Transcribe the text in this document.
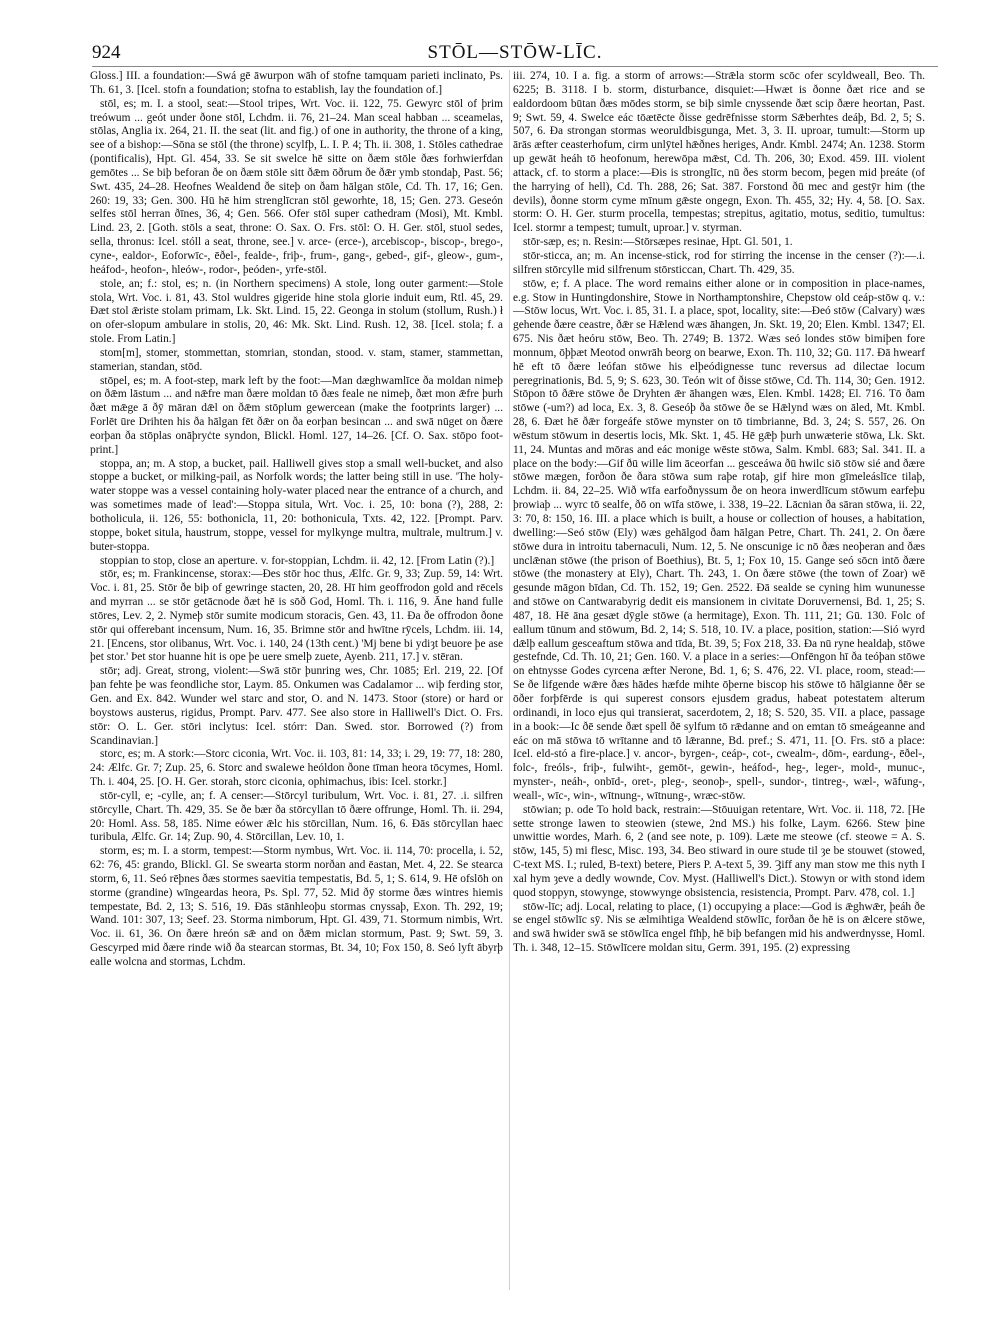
924	STŌL—STŌW-LĪC.

Gloss.] III. a foundation:—Swá gē āwurpon wāh of stofne tamquam parieti inclinato, Ps. Th. 61, 3. [Icel. stofn a foundation; stofna to establish, lay the foundation of.]

stōl, es; m. I. a stool, seat:—Stool tripes, Wrt. Voc. ii. 122, 75. Gewyrc stōl of þrim treówum ... geót under ðone stōl, Lchdm. ii. 76, 21–24. Man sceal habban ... sceamelas, stōlas, Anglia ix. 264, 21. II. the seat (lit. and fig.) of one in authority, the throne of a king, see of a bishop:—Sōna se stōl (the throne) scylfþ, L. I. P. 4; Th. ii. 308, 1. Stōles cathedrae (pontificalis), Hpt. Gl. 454, 33. Se sit swelce hē sitte on ðæm stōle ðæs forhwierfdan gemōtes ... Se biþ beforan ðe on ðæm stōle sitt ðǣm ōðrum ðe ðǣr ymb stondaþ, Past. 56; Swt. 435, 24–28. Heofnes Wealdend ðe siteþ on ðam hālgan stōle, Cd. Th. 17, 16; Gen. 260: 19, 33; Gen. 300. Hū hē him strenglīcran stōl geworhte, 18, 15; Gen. 273. Geseón selfes stōl herran ðīnes, 36, 4; Gen. 566. Ofer stōl super cathedram (Mosi), Mt. Kmbl. Lind. 23, 2. [Goth. stōls a seat, throne: O. Sax. O. Frs. stōl: O. H. Ger. stōl, stuol sedes, sella, thronus: Icel. stóll a seat, throne, see.] v. arce- (erce-), arcebiscop-, biscop-, brego-, cyne-, ealdor-, Eoforwīc-, ēðel-, fealde-, friþ-, frum-, gang-, gebed-, gif-, gleow-, gum-, heáfod-, heofon-, hleów-, rodor-, þeóden-, yrfe-stōl.

stole, an; f.: stol, es; n. (in Northern specimens) A stole, long outer garment:—Stole stola, Wrt. Voc. i. 81, 43. Stol wuldres gigeride hine stola glorie induit eum, Rtl. 45, 29. Ðæt stol ǣriste stolam primam, Lk. Skt. Lind. 15, 22. Geonga in stolum (stollum, Rush.) ł on ofer-slopum ambulare in stolis, 20, 46: Mk. Skt. Lind. Rush. 12, 38. [Icel. stola; f. a stole. From Latin.]

stom[m], stomer, stommettan, stomrian, stondan, stood. v. stam, stamer, stammettan, stamerian, standan, stōd.

stōpel, es; m. A foot-step, mark left by the foot:—Man dæghwamlīce ða moldan nimeþ on ðǣm lāstum ... and nǣfre man ðære moldan tō ðæs feale ne nimeþ, ðæt mon ǣfre þurh ðæt mǣge ā ðȳ māran dǣl on ðǣm stōplum gewercean (make the footprints larger) ... Forlēt ūre Drihten his ða hālgan fēt ðǣr on ða eorþan besincan ... and swā nūget on ðære eorþan ða stōplas onāþryċte syndon, Blickl. Homl. 127, 14–26. [Cf. O. Sax. stōpo foot-print.]

stoppa, an; m. A stop, a bucket, pail. Halliwell gives stop a small well-bucket, and also stoppe a bucket, or milking-pail, as Norfolk words; the latter being still in use. 'The holy-water stoppe was a vessel containing holy-water placed near the entrance of a church, and was sometimes made of lead':—Stoppa situla, Wrt. Voc. i. 25, 10: bona (?), 288, 2: botholicula, ii. 126, 55: bothonicla, 11, 20: bothonicula, Txts. 42, 122. [Prompt. Parv. stoppe, boket situla, haustrum, stoppe, vessel for mylkynge multra, multrale, multrum.] v. buter-stoppa.

stoppian to stop, close an aperture. v. for-stoppian, Lchdm. ii. 42, 12. [From Latin (?).]

stōr, es; m. Frankincense, storax:—Ðes stōr hoc thus, Ælfc. Gr. 9, 33; Zup. 59, 14: Wrt. Voc. i. 81, 25. Stōr ðe biþ of gewringe stacten, 20, 28. Hī him geoffrodon gold and rēcels and myrran ... se stōr getācnode ðæt hē is sōð God, Homl. Th. i. 116, 9. Āne hand fulle stōres, Lev. 2, 2. Nymeþ stōr sumite modicum storacis, Gen. 43, 11. Ða ðe offrodon ðone stōr qui offerebant incensum, Num. 16, 35. Brimne stōr and hwītne rȳcels, Lchdm. iii. 14, 21. [Encens, stor olibanus, Wrt. Voc. i. 140, 24 (13th cent.) 'Mj bene bi ydiȝt beuore þe ase þet stor.' Þet stor huanne hit is ope þe uere smelþ zuete, Ayenb. 211, 17.] v. stēran.

stōr; adj. Great, strong, violent:—Swā stōr þunring wes, Chr. 1085; Erl. 219, 22. [Of þan fehte þe was feondliche stor, Laym. 85. Onkumen was Cadalamor ... wiþ ferding stor, Gen. and Ex. 842. Wunder wel starc and stor, O. and N. 1473. Stoor (store) or hard or boystows austerus, rigidus, Prompt. Parv. 477. See also store in Halliwell's Dict. O. Frs. stōr: O. L. Ger. stōri inclytus: Icel. stórr: Dan. Swed. stor. Borrowed (?) from Scandinavian.]

storc, es; m. A stork:—Storc ciconia, Wrt. Voc. ii. 103, 81: 14, 33; i. 29, 19: 77, 18: 280, 24: Ælfc. Gr. 7; Zup. 25, 6. Storc and swalewe heóldon ðone tīman heora tōcymes, Homl. Th. i. 404, 25. [O. H. Ger. storah, storc ciconia, ophimachus, ibis: Icel. storkr.]

stōr-cyll, e; -cylle, an; f. A censer:—Stōrcyl turibulum, Wrt. Voc. i. 81, 27. .i. silfren stōrcylle, Chart. Th. 429, 35. Se ðe bær ða stōrcyllan tō ðære offrunge, Homl. Th. ii. 294, 20: Homl. Ass. 58, 185. Nime eówer ǣlc his stōrcillan, Num. 16, 6. Ðās stōrcyllan haec turibula, Ælfc. Gr. 14; Zup. 90, 4. Stōrcillan, Lev. 10, 1.

storm, es; m. I. a storm, tempest:—Storm nymbus, Wrt. Voc. ii. 114, 70: procella, i. 52, 62: 76, 45: grando, Blickl. Gl. Se swearta storm norðan and ēastan, Met. 4, 22. Se stearca storm, 6, 11. Seó rēþnes ðæs stormes saevitia tempestatis, Bd. 5, 1; S. 614, 9. Hē ofslōh on storme (grandine) wīngeardas heora, Ps. Spl. 77, 52. Mid ðȳ storme ðæs wintres hiemis tempestate, Bd. 2, 13; S. 516, 19. Ðās stānhleoþu stormas cnyssaþ, Exon. Th. 292, 19; Wand. 101: 307, 13; Seef. 23. Storma nimborum, Hpt. Gl. 439, 71. Stormum nimbis, Wrt. Voc. ii. 61, 36. On ðære hreón sǣ and on ðǣm miclan stormum, Past. 9; Swt. 59, 3. Gescyrped mid ðære rinde wið ða stearcan stormas, Bt. 34, 10; Fox 150, 8. Seó lyft ābyrþ ealle wolcna and stormas, Lchdm.

iii. 274, 10. I a. fig. a storm of arrows:—Strǣla storm scōc ofer scyldweall, Beo. Th. 6225; B. 3118. I b. storm, disturbance, disquiet:—Hwæt is ðonne ðæt rice and se ealdordoom būtan ðæs mōdes storm, se biþ simle cnyssende ðæt scip ðære heortan, Past. 9; Swt. 59, 4. Swelce eác tōætēcte ðisse gedrēfnisse storm Sǣberhtes deáþ, Bd. 2, 5; S. 507, 6. Ða strongan stormas weoruldbisgunga, Met. 3, 3. II. uproar, tumult:—Storm up ārās æfter ceasterhofum, cirm unlȳtel hǣðnes heriges, Andr. Kmbl. 2474; An. 1238. Storm up gewāt heáh tō heofonum, herewōpa mǣst, Cd. Th. 206, 30; Exod. 459. III. violent attack, cf. to storm a place:—Ðis is stronglīc, nū ðes storm becom, þegen mid þreáte (of the harrying of hell), Cd. Th. 288, 26; Sat. 387. Forstond ðū mec and gestȳr him (the devils), ðonne storm cyme mīnum gǣste ongegn, Exon. Th. 455, 32; Hy. 4, 58. [O. Sax. storm: O. H. Ger. sturm procella, tempestas; strepitus, agitatio, motus, seditio, tumultus: Icel. stormr a tempest; tumult, uproar.] v. styrman.

stōr-sæp, es; n. Resin:—Stōrsæpes resinae, Hpt. Gl. 501, 1.

stōr-sticca, an; m. An incense-stick, rod for stirring the incense in the censer (?):—.i. silfren stōrcylle mid silfrenum stōrsticcan, Chart. Th. 429, 35.

stōw, e; f. A place. The word remains either alone or in composition in place-names, e.g. Stow in Huntingdonshire, Stowe in Northamptonshire, Chepstow old ceáp-stōw q. v.:—Stōw locus, Wrt. Voc. i. 85, 31. I. a place, spot, locality, site:—Ðeó stōw (Calvary) wæs gehende ðære ceastre, ðǣr se Hǣlend wæs āhangen, Jn. Skt. 19, 20; Elen. Kmbl. 1347; El. 675. Nis ðæt heóru stōw, Beo. Th. 2749; B. 1372. Wæs seó londes stōw bimiþen fore monnum, ōþþæt Meotod onwrāh beorg on bearwe, Exon. Th. 110, 32; Gū. 117. Ðā hwearf hē eft tō ðære leófan stōwe his elþeódignesse tunc reversus ad dilectae locum peregrinationis, Bd. 5, 9; S. 623, 30. Teón wit of ðisse stōwe, Cd. Th. 114, 30; Gen. 1912. Stōpon tō ðǣre stōwe ðe Dryhten ǣr āhangen wæs, Elen. Kmbl. 1428; El. 716. Tō ðam stōwe (-um?) ad loca, Ex. 3, 8. Geseóþ ða stōwe ðe se Hǣlynd wæs on āled, Mt. Kmbl. 28, 6. Ðæt hē ðǣr forgeáfe stōwe mynster on tō timbrianne, Bd. 3, 24; S. 557, 26. On wēstum stōwum in desertis locis, Mk. Skt. 1, 45. Hē gǣþ þurh unwæterie stōwa, Lk. Skt. 11, 24. Muntas and mōras and eác monige wēste stōwa, Salm. Kmbl. 683; Sal. 341. II. a place on the body:—Gif ðū wille lim āceorfan ... gesceáwa ðū hwilc siō stōw sié and ðære stōwe mægen, forðon ðe ðara stōwa sum raþe rotaþ, gif hire mon gīmeleáslīce tilaþ, Lchdm. ii. 84, 22–25. Wið wīfa earfoðnyssum ðe on heora inwerdlīcum stōwum earfeþu þrowiaþ ... wyrc tō sealfe, ðō on wīfa stōwe, i. 338, 19–22. Lācnian ða sāran stōwa, ii. 22, 3: 70, 8: 150, 16. III. a place which is built, a house or collection of houses, a habitation, dwelling:—Seó stōw (Ely) wæs gehālgod ðam hālgan Petre, Chart. Th. 241, 2. On ðære stōwe dura in introitu tabernaculi, Num. 12, 5. Ne onscunige ic nō ðæs neoþeran and ðæs unclǣnan stōwe (the prison of Boethius), Bt. 5, 1; Fox 10, 15. Gange seó sōcn intō ðære stōwe (the monastery at Ely), Chart. Th. 243, 1. On ðære stōwe (the town of Zoar) wē gesunde māgon bīdan, Cd. Th. 152, 19; Gen. 2522. Ðā sealde se cyning him wununesse and stōwe on Cantwarabyrig dedit eis mansionem in civitate Doruvernensi, Bd. 1, 25; S. 487, 18. Hē āna gesæt dȳgle stōwe (a hermitage), Exon. Th. 111, 21; Gū. 130. Folc of eallum tūnum and stōwum, Bd. 2, 14; S. 518, 10. IV. a place, position, station:—Sió wyrd dǣlþ eallum gesceaftum stōwa and tīda, Bt. 39, 5; Fox 218, 33. Ða nū ryne healdaþ, stōwe gestefnde, Cd. Th. 10, 21; Gen. 160. V. a place in a series:—Onfēngon hī ða teóþan stōwe on ehtnysse Godes cyrcena æfter Nerone, Bd. 1, 6; S. 476, 22. VI. place, room, stead:—Se ðe lifgende wǣre ðæs hādes hæfde mihte ōþerne biscop his stōwe tō hālgianne ðēr se ōðer forþfērde is qui superest consors ejusdem gradus, habeat potestatem alterum ordinandi, in loco ejus qui transierat, sacerdotem, 2, 18; S. 520, 35. VII. a place, passage in a book:—Ic ðē sende ðæt spell ðē sylfum tō rǣdanne and on emtan tō smeágeanne and eác on mā stōwa tō wrītanne and tō lǣranne, Bd. pref.; S. 471, 11. [O. Frs. stō a place: Icel. eld-stó a fire-place.] v. ancor-, byrgen-, ceáp-, cot-, cwealm-, dōm-, eardung-, ēðel-, folc-, freóls-, friþ-, fulwiht-, gemōt-, gewin-, heáfod-, heg-, leger-, mold-, munuc-, mynster-, neáh-, onbīd-, oret-, pleg-, seonoþ-, spell-, sundor-, tintreg-, wæl-, wāfung-, weall-, wīc-, win-, wītnung-, wītnung-, wræc-stōw.

stōwian; p. ode To hold back, restrain:—Stōuuigan retentare, Wrt. Voc. ii. 118, 72. [He sette stronge lawen to steowien (stewe, 2nd MS.) his folke, Laym. 6266. Stew þine unwittie wordes, Marh. 6, 2 (and see note, p. 109). Læte me steowe (cf. steowe = A. S. stōw, 145, 5) mi flesc, Misc. 193, 34. Beo stiward in oure stude til ȝe be stouwet (stowed, C-text MS. I.; ruled, B-text) betere, Piers P. A-text 5, 39. Ȝiff any man stow me this nyth I xal hym ȝeve a dedly wownde, Cov. Myst. (Halliwell's Dict.). Stowyn or with stond idem quod stoppyn, stowynge, stowwynge obsistencia, resistencia, Prompt. Parv. 478, col. 1.]

stōw-līc; adj. Local, relating to place, (1) occupying a place:—God is ǣghwǣr, þeáh ðe se engel stōwlīc sȳ. Nis se ælmihtiga Wealdend stōwlīc, forðan ðe hē is on ǣlcere stōwe, and swā hwider swā se stōwlīca engel fīhþ, hē biþ befangen mid his andwerdnysse, Homl. Th. i. 348, 12–15. Stōwlīcere moldan situ, Germ. 391, 195. (2) expressing
